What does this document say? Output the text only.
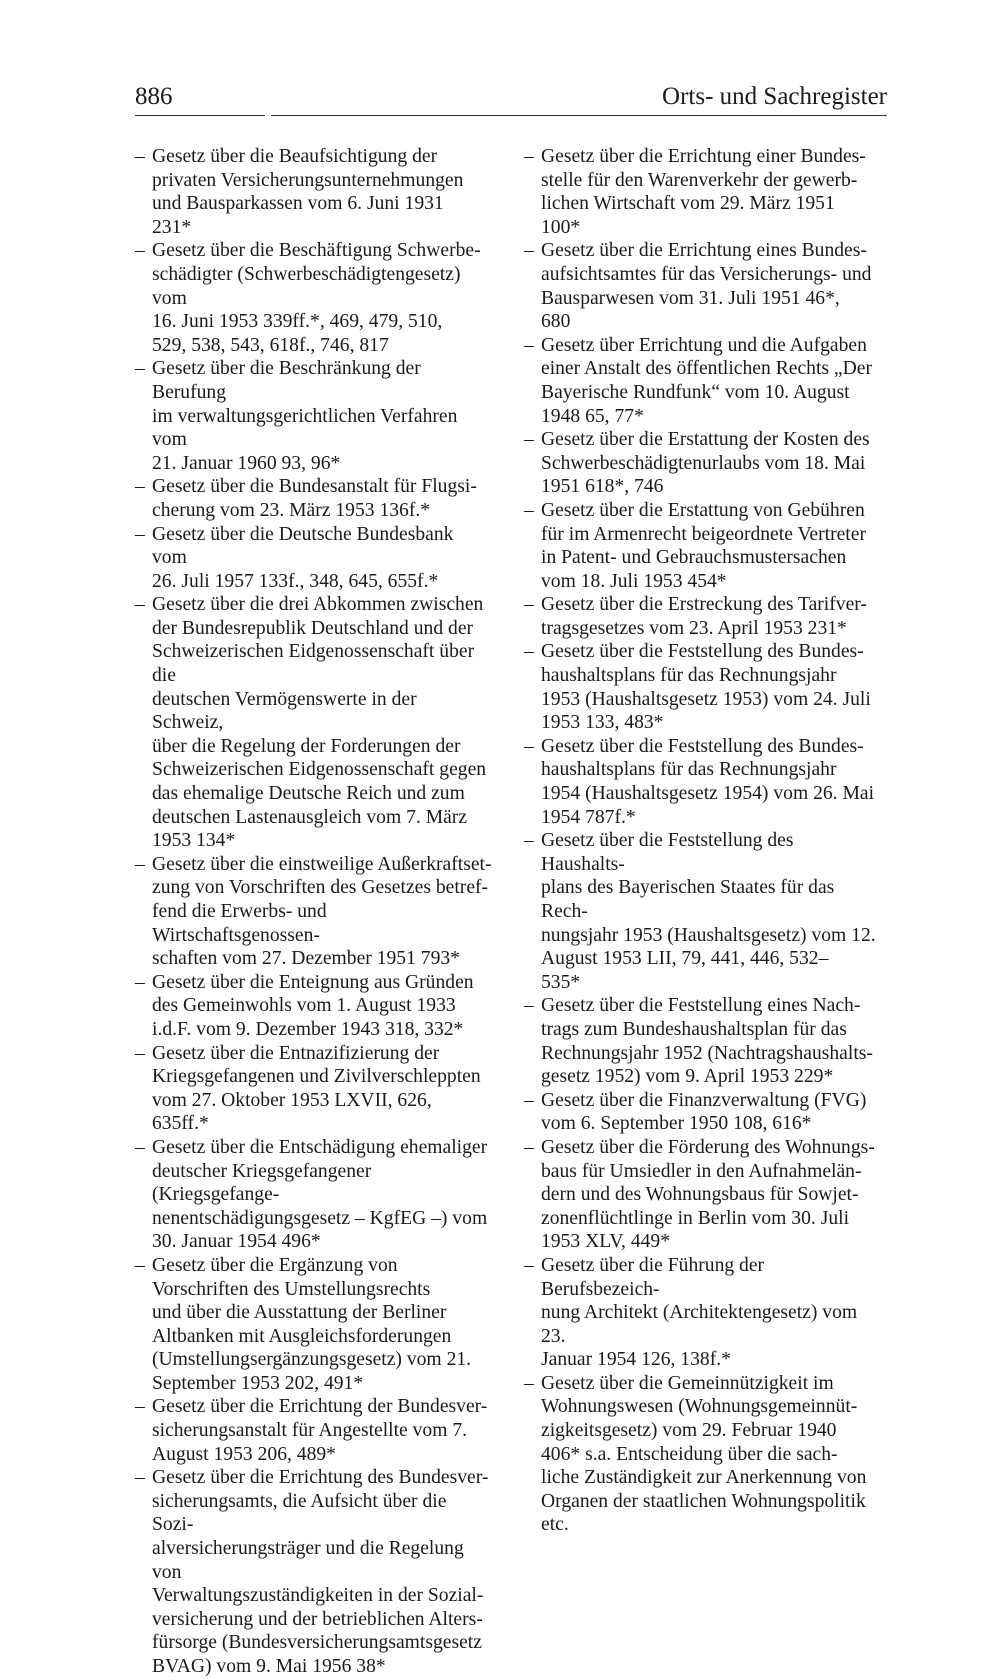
886	Orts- und Sachregister
– Gesetz über die Beaufsichtigung der
privaten Versicherungsunternehmungen
und Bausparkassen vom 6. Juni 1931
231*
– Gesetz über die Beschäftigung Schwerbe-
schädigter (Schwerbeschädigtengesetz) vom
16. Juni 1953 339ff.*, 469, 479, 510,
529, 538, 543, 618f., 746, 817
– Gesetz über die Beschränkung der Berufung
im verwaltungsgerichtlichen Verfahren vom
21. Januar 1960 93, 96*
– Gesetz über die Bundesanstalt für Flugsi-
cherung vom 23. März 1953 136f.*
– Gesetz über die Deutsche Bundesbank vom
26. Juli 1957 133f., 348, 645, 655f.*
– Gesetz über die drei Abkommen zwischen
der Bundesrepublik Deutschland und der
Schweizerischen Eidgenossenschaft über die
deutschen Vermögenswerte in der Schweiz,
über die Regelung der Forderungen der
Schweizerischen Eidgenossenschaft gegen
das ehemalige Deutsche Reich und zum
deutschen Lastenausgleich vom 7. März
1953 134*
– Gesetz über die einstweilige Außerkraftset-
zung von Vorschriften des Gesetzes betref-
fend die Erwerbs- und Wirtschaftsgenossen-
schaften vom 27. Dezember 1951 793*
– Gesetz über die Enteignung aus Gründen
des Gemeinwohls vom 1. August 1933
i.d.F. vom 9. Dezember 1943 318, 332*
– Gesetz über die Entnazifizierung der
Kriegsgefangenen und Zivilverschleppten
vom 27. Oktober 1953 LXVII, 626,
635ff.*
– Gesetz über die Entschädigung ehemaliger
deutscher Kriegsgefangener (Kriegsgefange-
nenentschädigungsgesetz – KgfEG –) vom
30. Januar 1954 496*
– Gesetz über die Ergänzung von
Vorschriften des Umstellungsrechts
und über die Ausstattung der Berliner
Altbanken mit Ausgleichsforderungen
(Umstellungsergänzungsgesetz) vom 21.
September 1953 202, 491*
– Gesetz über die Errichtung der Bundesver-
sicherungsanstalt für Angestellte vom 7.
August 1953 206, 489*
– Gesetz über die Errichtung des Bundesver-
sicherungsamts, die Aufsicht über die Sozi-
alversicherungsträger und die Regelung von
Verwaltungszuständigkeiten in der Sozial-
versicherung und der betrieblichen Alters-
fürsorge (Bundesversicherungsamtsgesetz
BVAG) vom 9. Mai 1956 38*
– Gesetz über die Errichtung einer Bundes-
stelle für den Warenverkehr der gewerb-
lichen Wirtschaft vom 29. März 1951
100*
– Gesetz über die Errichtung eines Bundes-
aufsichtsamtes für das Versicherungs- und
Bausparwesen vom 31. Juli 1951 46*,
680
– Gesetz über Errichtung und die Aufgaben
einer Anstalt des öffentlichen Rechts „Der
Bayerische Rundfunk“ vom 10. August
1948 65, 77*
– Gesetz über die Erstattung der Kosten des
Schwerbeschädigtenurlaubs vom 18. Mai
1951 618*, 746
– Gesetz über die Erstattung von Gebühren
für im Armenrecht beigeordnete Vertreter
in Patent- und Gebrauchsmustersachen
vom 18. Juli 1953 454*
– Gesetz über die Erstreckung des Tarifver-
tragsgesetzes vom 23. April 1953 231*
– Gesetz über die Feststellung des Bundes-
haushaltsplans für das Rechnungsjahr
1953 (Haushaltsgesetz 1953) vom 24. Juli
1953 133, 483*
– Gesetz über die Feststellung des Bundes-
haushaltsplans für das Rechnungsjahr
1954 (Haushaltsgesetz 1954) vom 26. Mai
1954 787f.*
– Gesetz über die Feststellung des Haushalts-
plans des Bayerischen Staates für das Rech-
nungsjahr 1953 (Haushaltsgesetz) vom 12.
August 1953 LII, 79, 441, 446, 532–
535*
– Gesetz über die Feststellung eines Nach-
trags zum Bundeshaushaltsplan für das
Rechnungsjahr 1952 (Nachtragshaushalts-
gesetz 1952) vom 9. April 1953 229*
– Gesetz über die Finanzverwaltung (FVG)
vom 6. September 1950 108, 616*
– Gesetz über die Förderung des Wohnungs-
baus für Umsiedler in den Aufnahmelän-
dern und des Wohnungsbaus für Sowjet-
zonenflüchtlinge in Berlin vom 30. Juli
1953 XLV, 449*
– Gesetz über die Führung der Berufsbezeich-
nung Architekt (Architektengesetz) vom 23.
Januar 1954 126, 138f.*
– Gesetz über die Gemeinnützigkeit im
Wohnungswesen (Wohnungsgemeinnüt-
zigkeitsgesetz) vom 29. Februar 1940
406* s.a. Entscheidung über die sach-
liche Zuständigkeit zur Anerkennung von
Organen der staatlichen Wohnungspolitik
etc.
